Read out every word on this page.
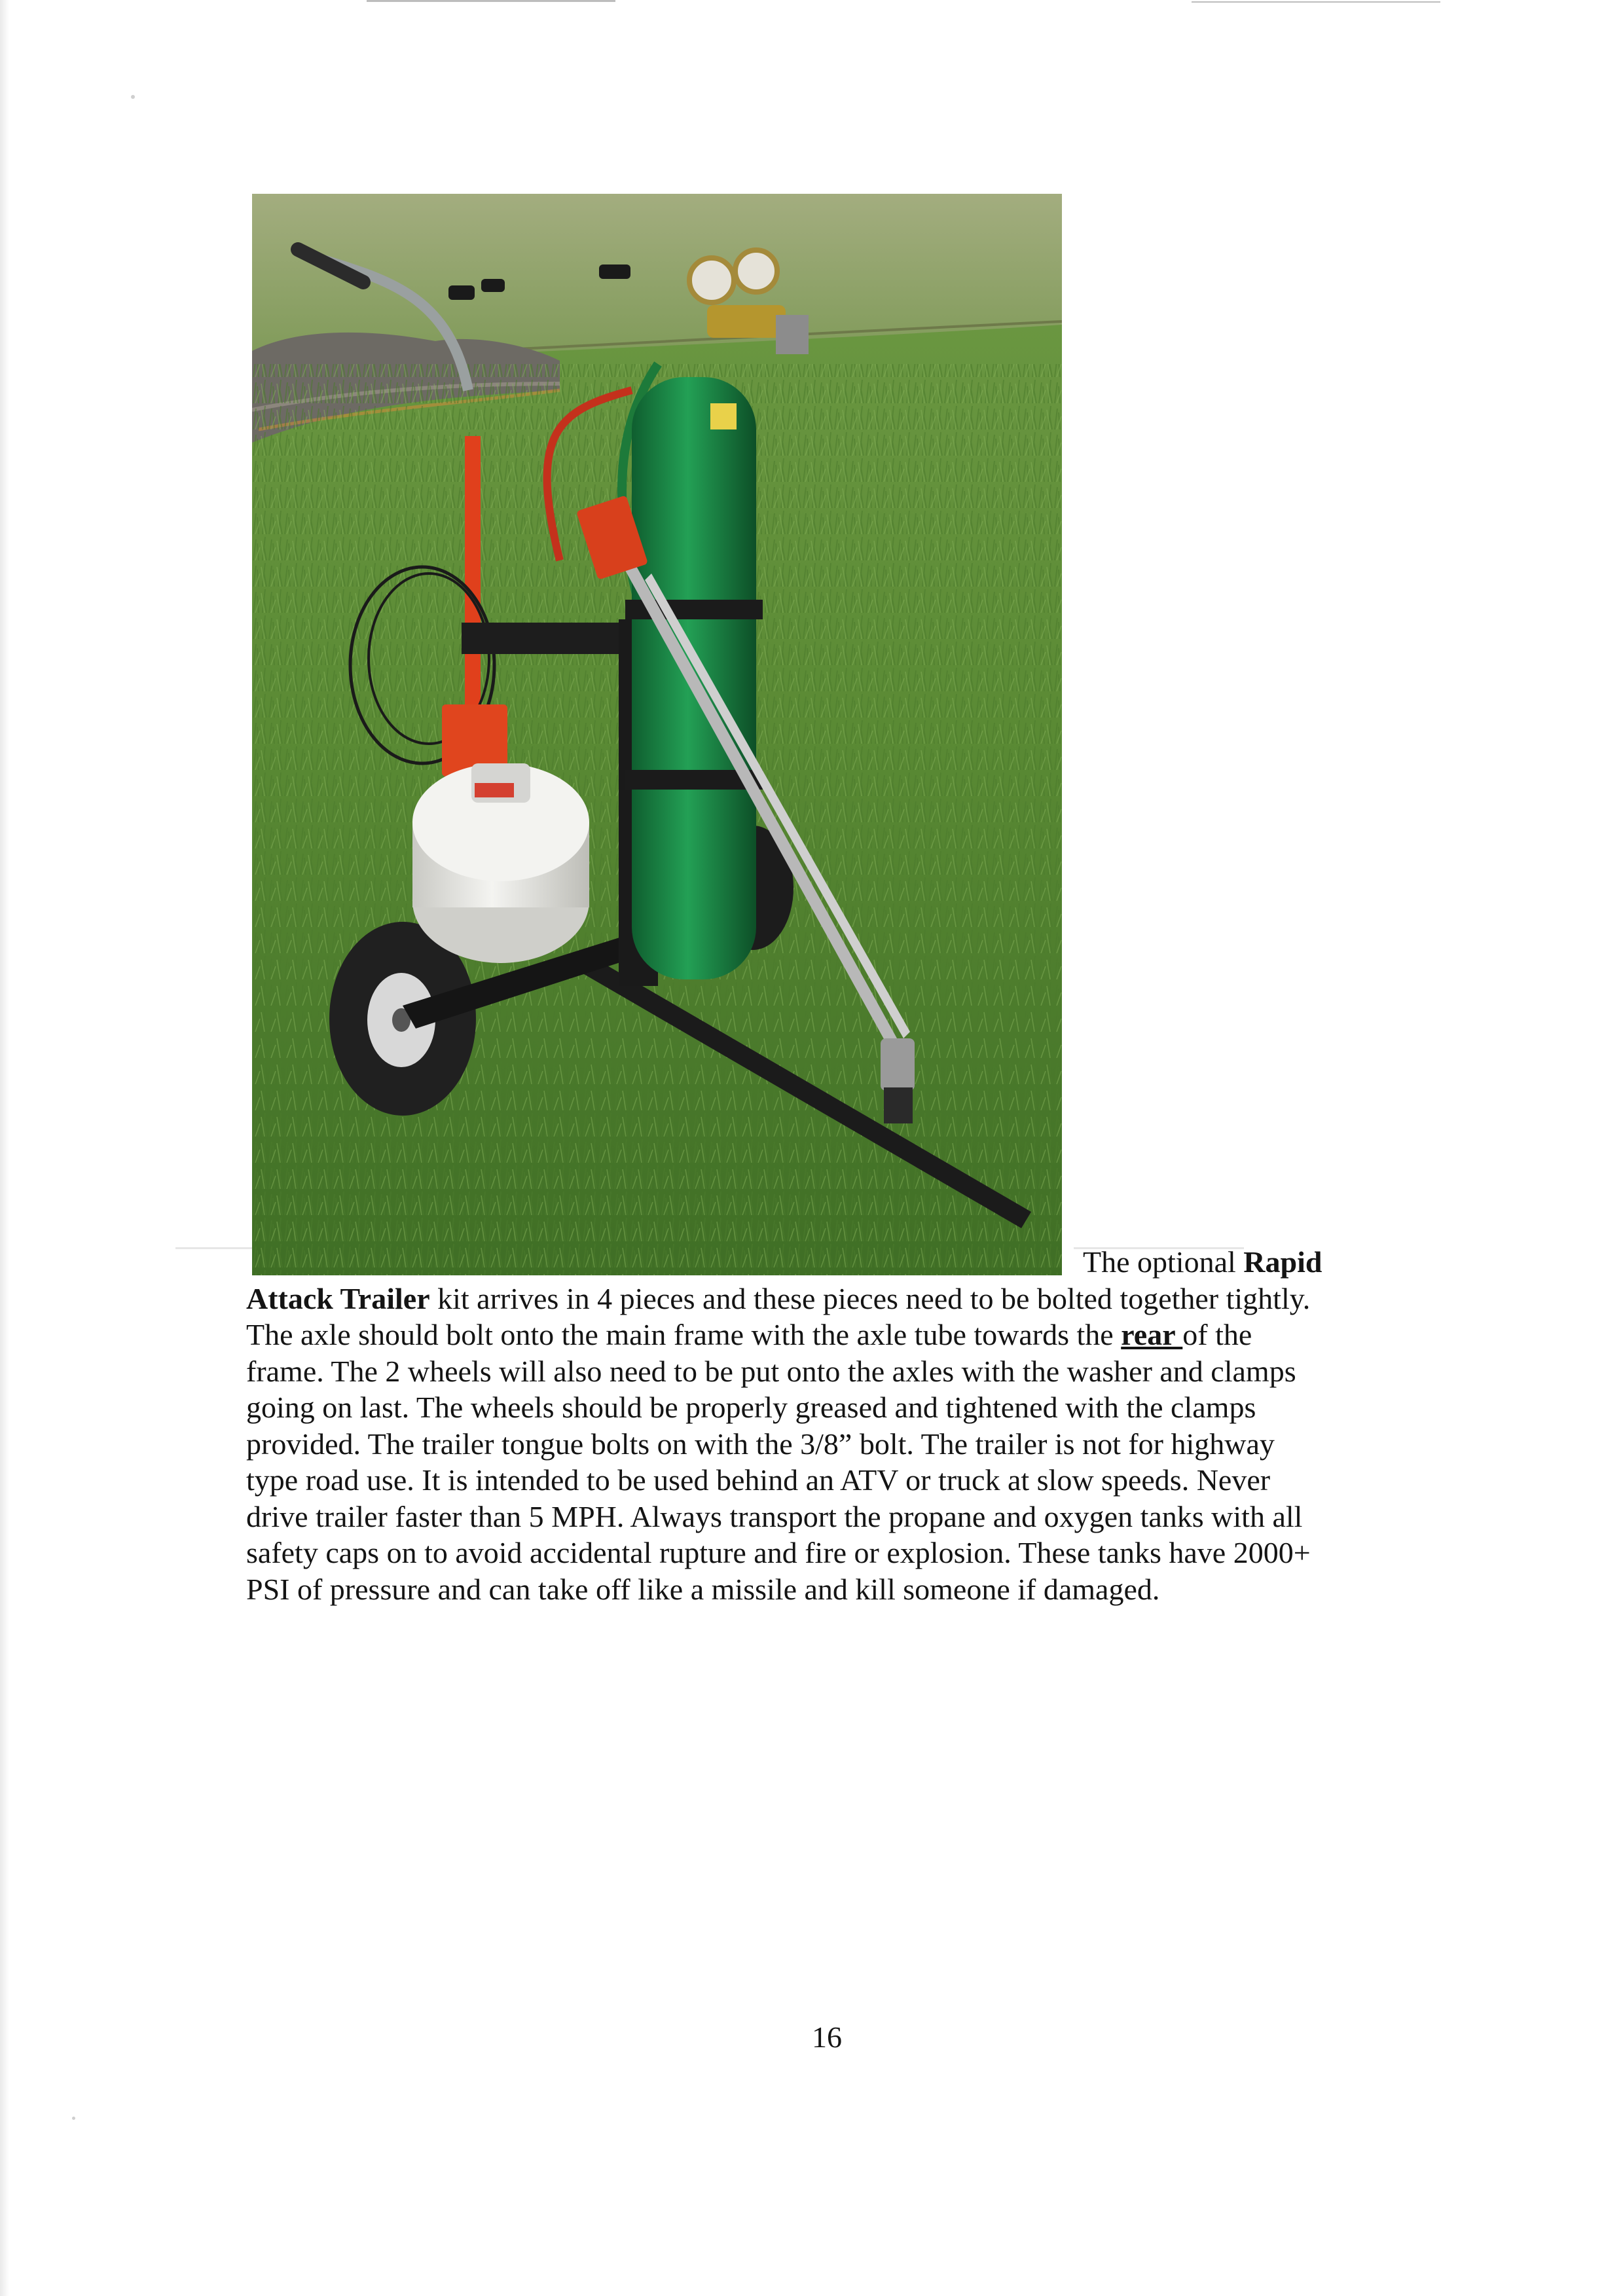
The optional Rapid
Attack Trailer kit arrives in 4 pieces and these pieces need to be bolted together tightly.
The axle should bolt onto the main frame with the axle tube towards the rear of the
frame. The 2 wheels will also need to be put onto the axles with the washer and clamps
going on last. The wheels should be properly greased and tightened with the clamps
provided. The trailer tongue bolts on with the 3/8” bolt. The trailer is not for highway
type road use. It is intended to be used behind an ATV or truck at slow speeds. Never
drive trailer faster than 5 MPH. Always transport the propane and oxygen tanks with all
safety caps on to avoid accidental rupture and fire or explosion. These tanks have 2000+
PSI of pressure and can take off like a missile and kill someone if damaged.
16
